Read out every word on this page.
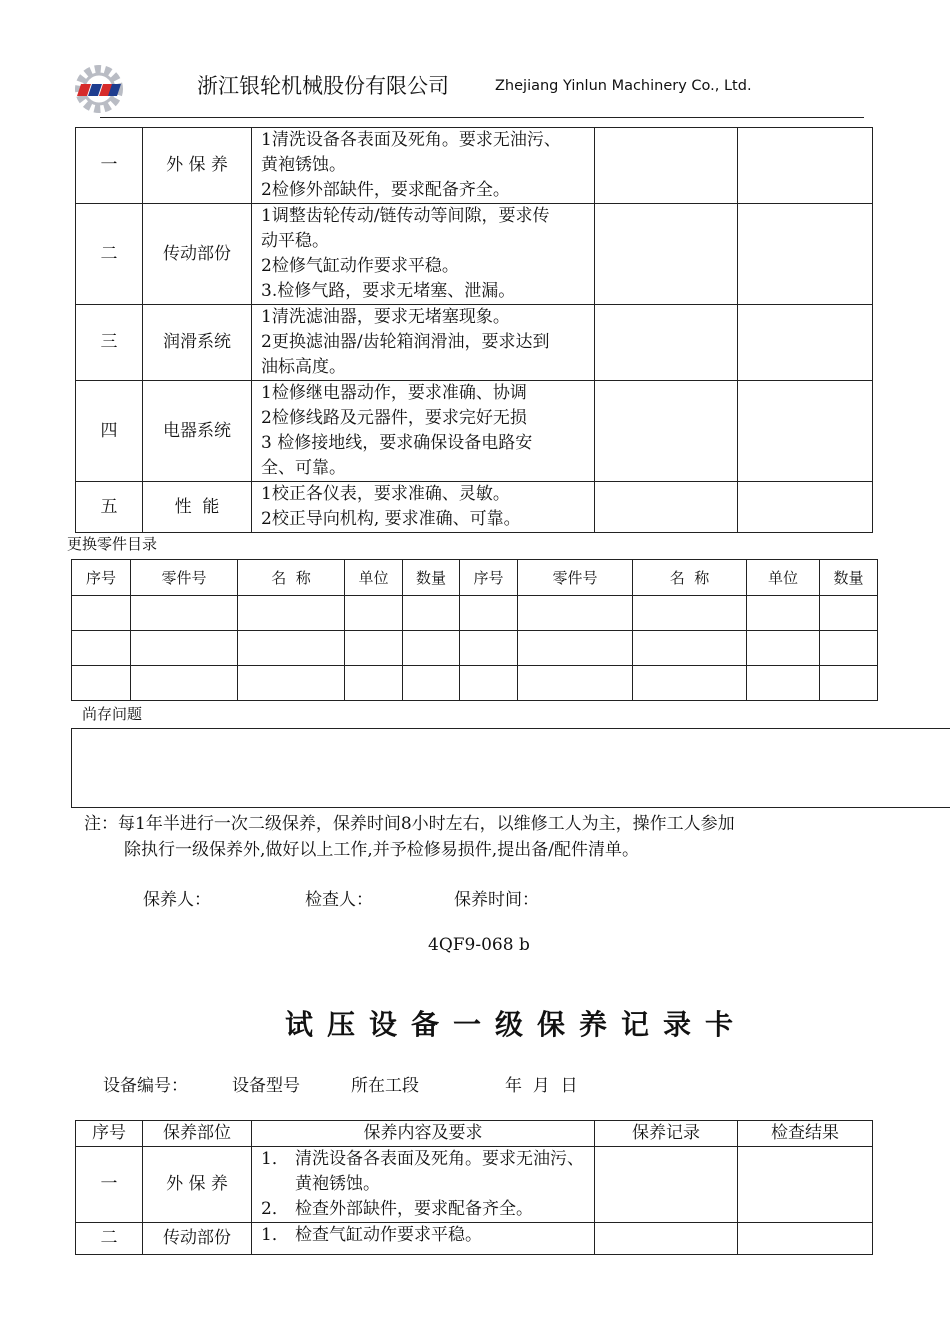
浙江银轮机械股份有限公司	Zhejiang Yinlun Machinery Co., Ltd.
一	外 保 养	1清洗设备各表面及死角。要求无油污、
黄袍锈蚀。
2检修外部缺件，要求配备齐全。		

二	传动部份	1调整齿轮传动/链传动等间隙，要求传
动平稳。
2检修气缸动作要求平稳。
3.检修气路，要求无堵塞、泄漏。		

三	润滑系统	1清洗滤油器，要求无堵塞现象。
2更换滤油器/齿轮箱润滑油，要求达到
油标高度。		

四	电器系统	1检修继电器动作，要求准确、协调
2检修线路及元器件，要求完好无损
3 检修接地线，要求确保设备电路安
全、可靠。		

五	性  能	1校正各仪表，要求准确、灵敏。
2校正导向机构, 要求准确、可靠。		

更换零件目录
序号	零件号	名  称	单位	数量	序号	零件号	名  称	单位	数量

尚存问题
注：每1年半进行一次二级保养，保养时间8小时左右，以维修工人为主，操作工人参加
除执行一级保养外,做好以上工作,并予检修易损件,提出备/配件清单。
保养人：	检查人：	保养时间：
4QF9-068 b
试压设备一级保养记录卡
设备编号：	设备型号	所在工段	年  月  日
序号	保养部位	保养内容及要求	保养记录	检查结果
一	外 保 养	1． 清洗设备各表面及死角。要求无油污、黄袍锈蚀。
2． 检查外部缺件，要求配备齐全。		

二	传动部份	1． 检查气缸动作要求平稳。		
